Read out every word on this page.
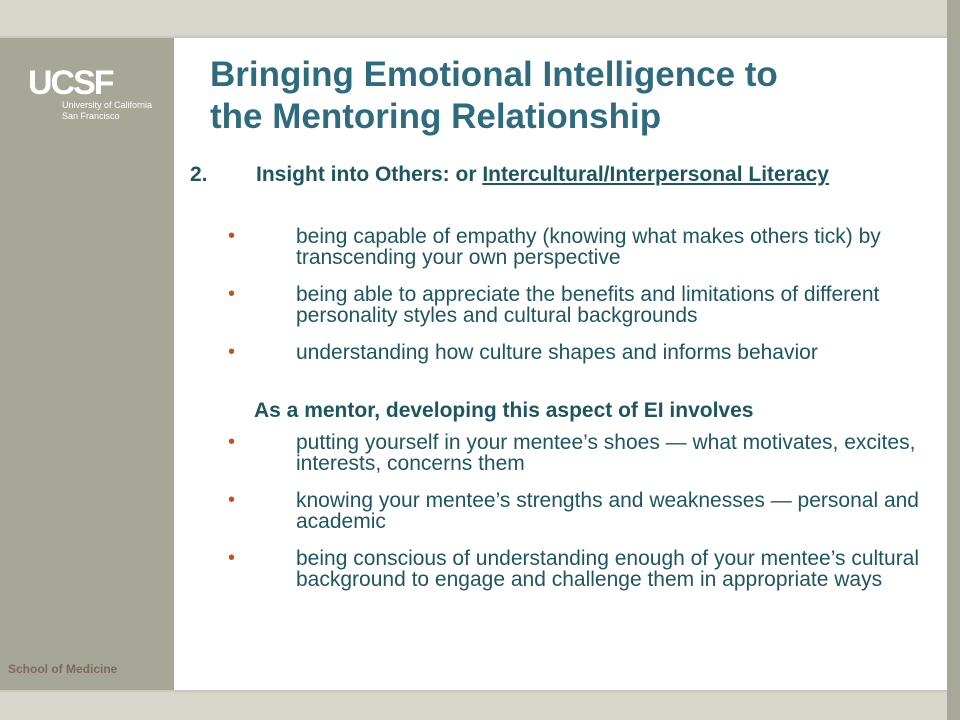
UCSF
University of California
San Francisco
School of Medicine
Bringing Emotional Intelligence to
the Mentoring Relationship
2. Insight into Others: or Intercultural/Interpersonal Literacy
•	being capable of empathy (knowing what makes others tick) by transcending your own perspective
•	being able to appreciate the benefits and limitations of different personality styles and cultural backgrounds
•	understanding how culture shapes and informs behavior
As a mentor, developing this aspect of EI involves
•	putting yourself in your mentee’s shoes — what motivates, excites, interests, concerns them
•	knowing your mentee’s strengths and weaknesses — personal and academic
•	being conscious of understanding enough of your mentee’s cultural background to engage and challenge them in appropriate ways
